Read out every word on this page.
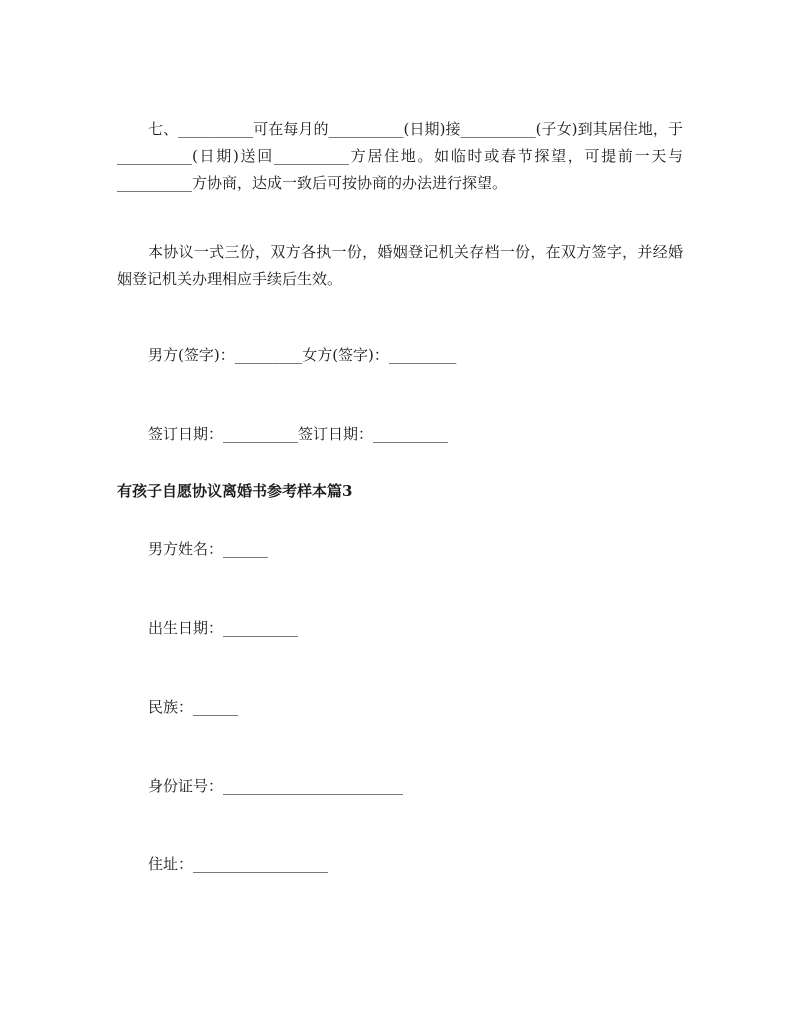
七、__________可在每月的__________(日期)接__________(子女)到其居住地，于__________(日期)送回__________方居住地。如临时或春节探望，可提前一天与__________方协商，达成一致后可按协商的办法进行探望。

本协议一式三份，双方各执一份，婚姻登记机关存档一份，在双方签字，并经婚姻登记机关办理相应手续后生效。

男方(签字)：_________女方(签字)：_________

签订日期：__________签订日期：__________

有孩子自愿协议离婚书参考样本篇3

男方姓名：______

出生日期：__________

民族：______

身份证号：________________________

住址：__________________
